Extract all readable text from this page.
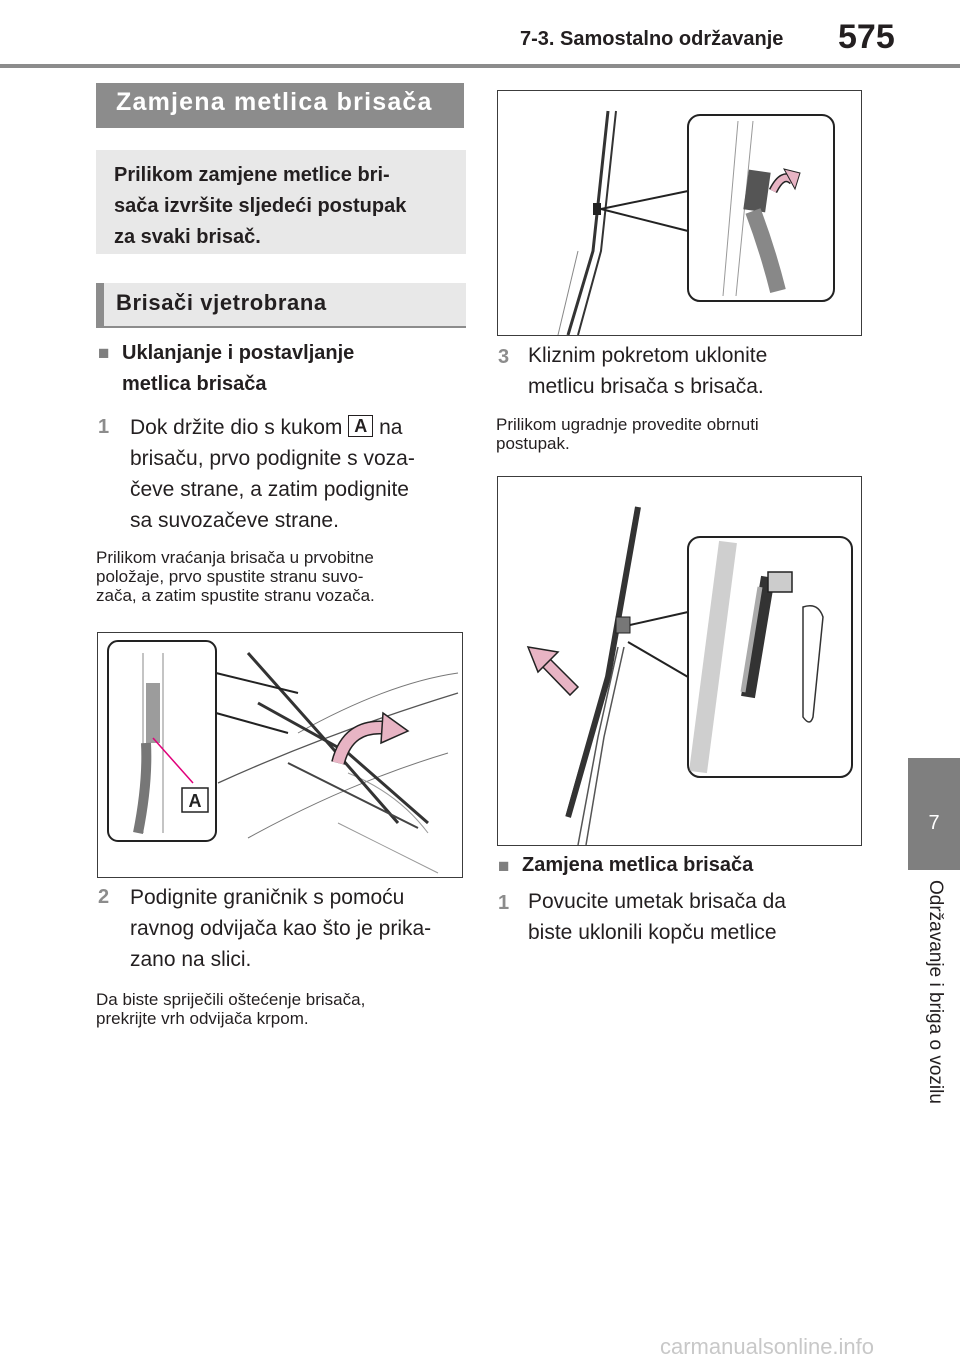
7-3. Samostalno održavanje 575
7
Održavanje i briga o vozilu
Zamjena metlica brisača
Prilikom zamjene metlice bri-
sača izvršite sljedeći postupak
za svaki brisač.
Brisači vjetrobrana
■ Uklanjanje i postavljanje
metlica brisača
1 Dok držite dio s kukom A na
brisaču, prvo podignite s voza-
čeve strane, a zatim podignite
sa suvozačeve strane.
Prilikom vraćanja brisača u prvobitne
položaje, prvo spustite stranu suvo-
zača, a zatim spustite stranu vozača.
A
2 Podignite graničnik s pomoću
ravnog odvijača kao što je prika-
zano na slici.
Da biste spriječili oštećenje brisača,
prekrijte vrh odvijača krpom.
3 Kliznim pokretom uklonite
metlicu brisača s brisača.
Prilikom ugradnje provedite obrnuti
postupak.
■ Zamjena metlica brisača
1 Povucite umetak brisača da
biste uklonili kopču metlice
carmanualsonline.info
